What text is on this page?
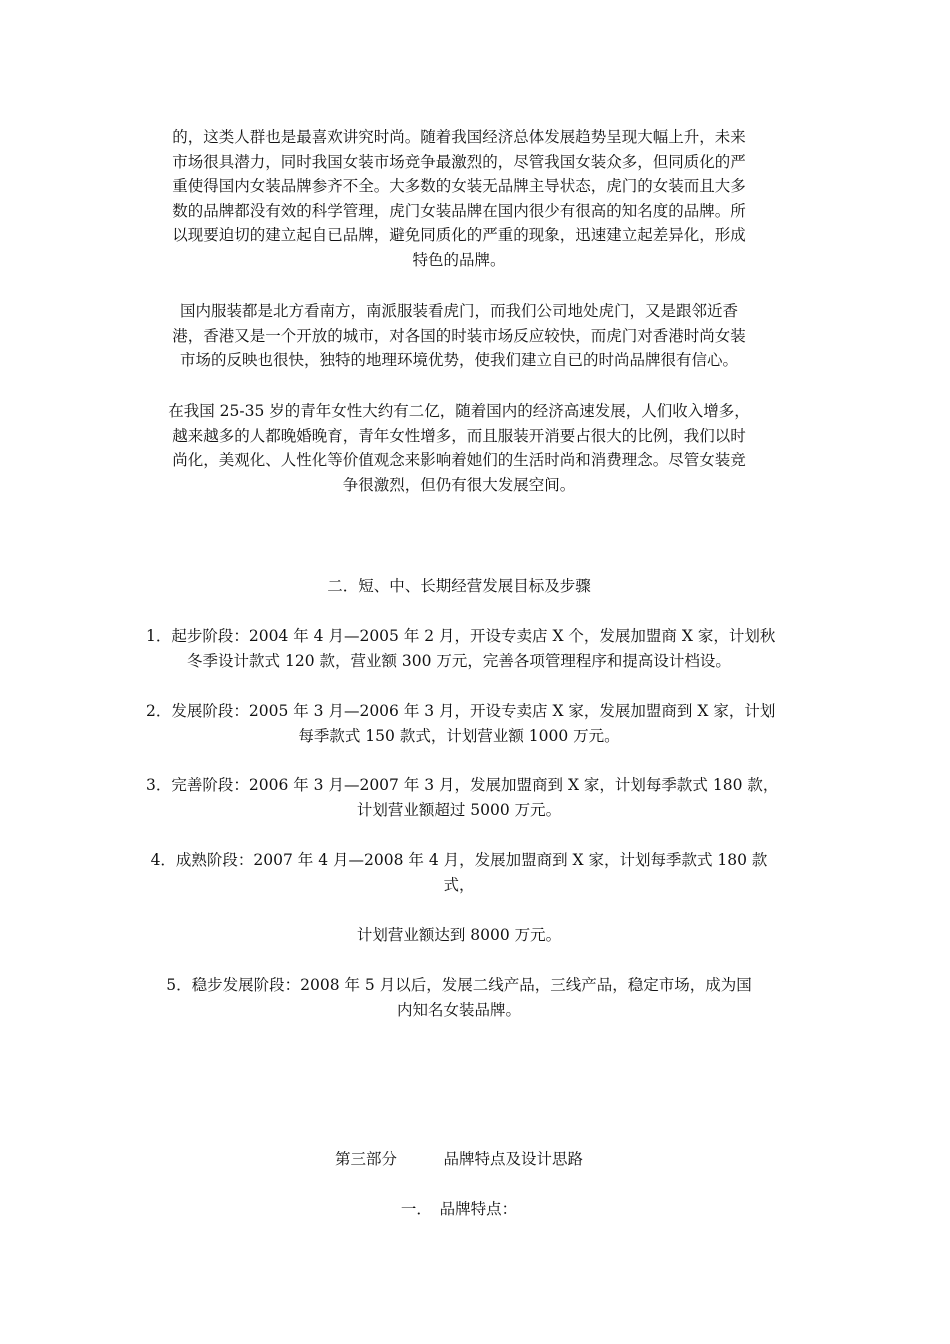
的，这类人群也是最喜欢讲究时尚。随着我国经济总体发展趋势呈现大幅上升，未来
市场很具潜力，同时我国女装市场竞争最激烈的，尽管我国女装众多，但同质化的严
重使得国内女装品牌参齐不全。大多数的女装无品牌主导状态，虎门的女装而且大多
数的品牌都没有效的科学管理，虎门女装品牌在国内很少有很高的知名度的品牌。所
以现要迫切的建立起自已品牌，避免同质化的严重的现象，迅速建立起差异化，形成
特色的品牌。
国内服装都是北方看南方，南派服装看虎门，而我们公司地处虎门，又是跟邻近香
港，香港又是一个开放的城市，对各国的时装市场反应较快，而虎门对香港时尚女装
市场的反映也很快，独特的地理环境优势，使我们建立自已的时尚品牌很有信心。
在我国 25-35 岁的青年女性大约有二亿，随着国内的经济高速发展，人们收入增多，
越来越多的人都晚婚晚育，青年女性增多，而且服装开消要占很大的比例，我们以时
尚化，美观化、人性化等价值观念来影响着她们的生活时尚和消费理念。尽管女装竞
争很激烈，但仍有很大发展空间。
二．短、中、长期经营发展目标及步骤
1．起步阶段：2004 年 4 月—2005 年 2 月，开设专卖店 X 个，发展加盟商 X 家，计划秋
冬季设计款式 120 款，营业额 300 万元，完善各项管理程序和提高设计档设。
2．发展阶段：2005 年 3 月—2006 年 3 月，开设专卖店 X 家，发展加盟商到 X 家，计划
每季款式 150 款式，计划营业额 1000 万元。
3．完善阶段：2006 年 3 月—2007 年 3 月，发展加盟商到 X 家，计划每季款式 180 款，
计划营业额超过 5000 万元。
4．成熟阶段：2007 年 4 月—2008 年 4 月，发展加盟商到 X 家，计划每季款式 180 款
式，
计划营业额达到 8000 万元。
5．稳步发展阶段：2008 年 5 月以后，发展二线产品，三线产品，稳定市场，成为国
内知名女装品牌。
第三部分　　　品牌特点及设计思路
一．　品牌特点：
